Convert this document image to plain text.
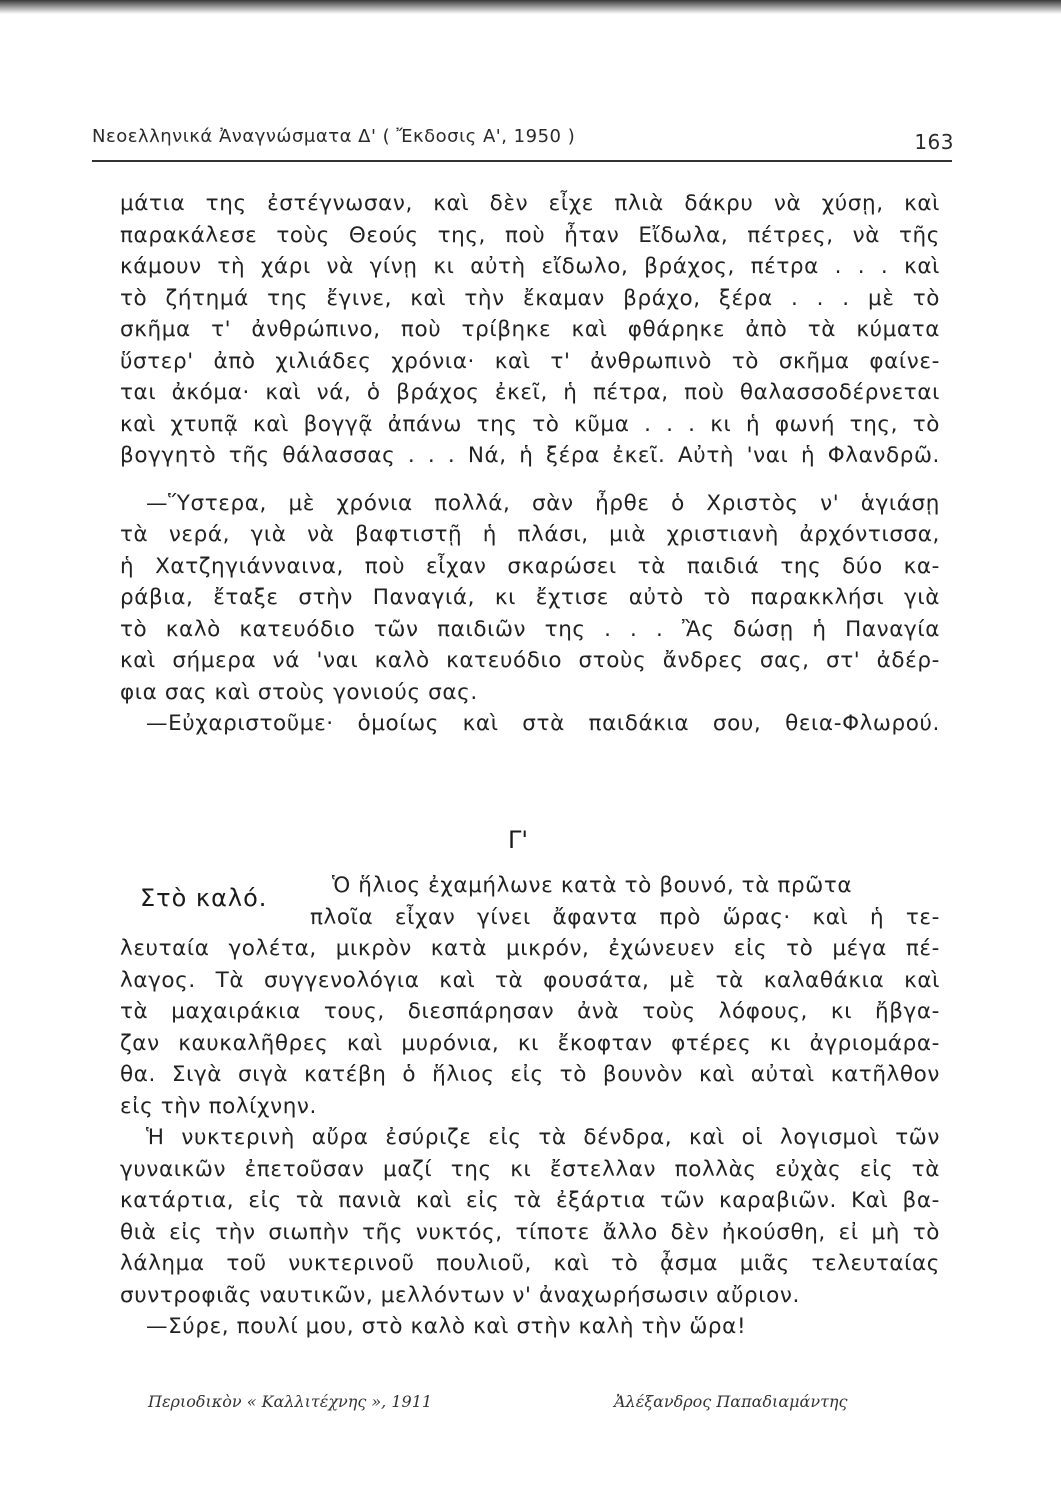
Νεοελληνικά Ἀναγνώσματα Δ' ( Ἔκδοσις Α', 1950 )	163
μάτια της ἐστέγνωσαν, καὶ δὲν εἶχε πλιὰ δάκρυ νὰ χύσῃ, καὶ
παρακάλεσε τοὺς Θεούς της, ποὺ ἦταν Εἴδωλα, πέτρες, νὰ τῆς
κάμουν τὴ χάρι νὰ γίνῃ κι αὐτὴ εἴδωλο, βράχος, πέτρα . . . καὶ
τὸ ζήτημά της ἔγινε, καὶ τὴν ἔκαμαν βράχο, ξέρα . . . μὲ τὸ
σκῆμα τ' ἀνθρώπινο, ποὺ τρίβηκε καὶ φθάρηκε ἀπὸ τὰ κύματα
ὕστερ' ἀπὸ χιλιάδες χρόνια· καὶ τ' ἀνθρωπινὸ τὸ σκῆμα φαίνε-
ται ἀκόμα· καὶ νά, ὁ βράχος ἐκεῖ, ἡ πέτρα, ποὺ θαλασσοδέρνεται
καὶ χτυπᾷ καὶ βογγᾷ ἀπάνω της τὸ κῦμα . . . κι ἡ φωνή της, τὸ
βογγητὸ τῆς θάλασσας . . . Νά, ἡ ξέρα ἐκεῖ. Αὐτὴ 'ναι ἡ Φλανδρῶ.
—Ὕστερα, μὲ χρόνια πολλά, σὰν ἦρθε ὁ Χριστὸς ν' ἁγιάσῃ
τὰ νερά, γιὰ νὰ βαφτιστῇ ἡ πλάσι, μιὰ χριστιανὴ ἀρχόντισσα,
ἡ Χατζηγιάνναινα, ποὺ εἶχαν σκαρώσει τὰ παιδιά της δύο κα-
ράβια, ἔταξε στὴν Παναγιά, κι ἔχτισε αὐτὸ τὸ παρακκλήσι γιὰ
τὸ καλὸ κατευόδιο τῶν παιδιῶν της . . . Ἂς δώσῃ ἡ Παναγία
καὶ σήμερα νά 'ναι καλὸ κατευόδιο στοὺς ἄνδρες σας, στ' ἀδέρ-
φια σας καὶ στοὺς γονιούς σας.
—Εὐχαριστοῦμε· ὁμοίως καὶ στὰ παιδάκια σου, θεια-Φλωρού.
Γ'
Στὸ καλό.	Ὁ ἥλιος ἐχαμήλωνε κατὰ τὸ βουνό, τὰ πρῶτα
πλοῖα εἶχαν γίνει ἄφαντα πρὸ ὥρας· καὶ ἡ τε-
λευταία γολέτα, μικρὸν κατὰ μικρόν, ἐχώνευεν εἰς τὸ μέγα πέ-
λαγος. Τὰ συγγενολόγια καὶ τὰ φουσάτα, μὲ τὰ καλαθάκια καὶ
τὰ μαχαιράκια τους, διεσπάρησαν ἀνὰ τοὺς λόφους, κι ἤβγα-
ζαν καυκαλῆθρες καὶ μυρόνια, κι ἔκοφταν φτέρες κι ἀγριομάρα-
θα. Σιγὰ σιγὰ κατέβη ὁ ἥλιος εἰς τὸ βουνὸν καὶ αὐταὶ κατῆλθον
εἰς τὴν πολίχνην.
Ἡ νυκτερινὴ αὔρα ἐσύριζε εἰς τὰ δένδρα, καὶ οἱ λογισμοὶ τῶν
γυναικῶν ἐπετοῦσαν μαζί της κι ἔστελλαν πολλὰς εὐχὰς εἰς τὰ
κατάρτια, εἰς τὰ πανιὰ καὶ εἰς τὰ ἐξάρτια τῶν καραβιῶν. Καὶ βα-
θιὰ εἰς τὴν σιωπὴν τῆς νυκτός, τίποτε ἄλλο δὲν ἠκούσθη, εἰ μὴ τὸ
λάλημα τοῦ νυκτερινοῦ πουλιοῦ, καὶ τὸ ᾆσμα μιᾶς τελευταίας
συντροφιᾶς ναυτικῶν, μελλόντων ν' ἀναχωρήσωσιν αὔριον.
—Σύρε, πουλί μου, στὸ καλὸ καὶ στὴν καλὴ τὴν ὥρα!
Περιοδικὸν « Καλλιτέχνης », 1911	Ἀλέξανδρος Παπαδιαμάντης
